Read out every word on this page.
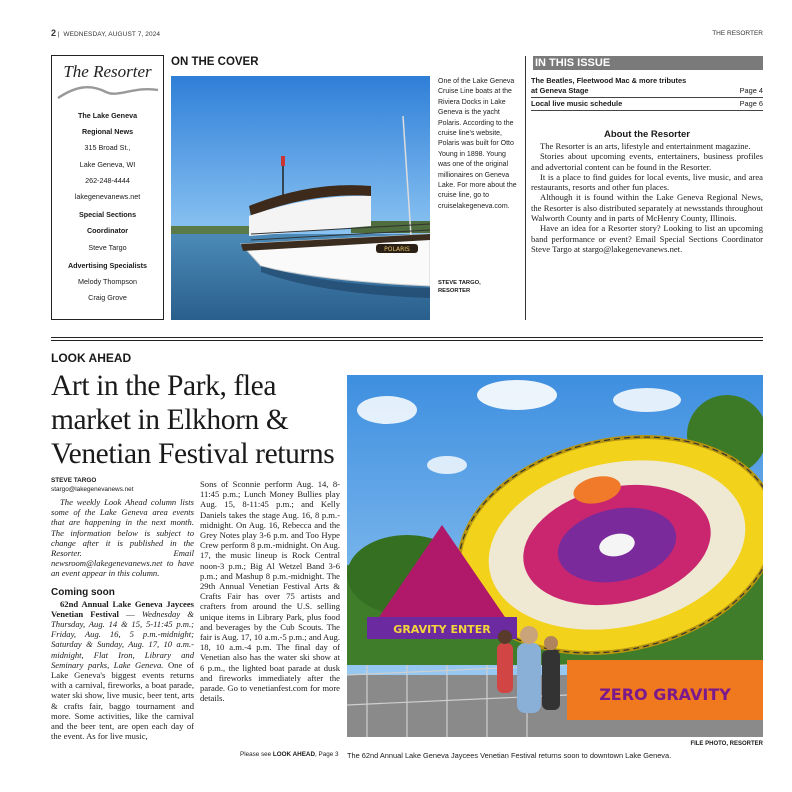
2 | WEDNESDAY, AUGUST 7, 2024	THE RESORTER
The Resorter
The Lake Geneva
Regional News
315 Broad St.,
Lake Geneva, WI
262-248-4444
lakegenevanews.net
Special Sections
Coordinator
Steve Targo
Advertising Specialists
Melody Thompson
Craig Grove
ON THE COVER
POLARIS
One of the Lake Geneva Cruise Line boats at the Riviera Docks in Lake Geneva is the yacht Polaris. According to the cruise line's website, Polaris was built for Otto Young in 1898. Young was one of the original millionaires on Geneva Lake. For more about the cruise line, go to cruiselakegeneva.com.
STEVE TARGO,
RESORTER
IN THIS ISSUE
The Beatles, Fleetwood Mac & more tributes
at Geneva Stage	Page 4
Local live music schedule	Page 6
About the Resorter

The Resorter is an arts, lifestyle and entertainment magazine.

Stories about upcoming events, entertainers, business profiles and advertorial content can be found in the Resorter.

It is a place to find guides for local events, live music, and area restaurants, resorts and other fun places.

Although it is found within the Lake Geneva Regional News, the Resorter is also distributed separately at newsstands throughout Walworth County and in parts of McHenry County, Illinois.

Have an idea for a Resorter story? Looking to list an upcoming band performance or event? Email Special Sections Coordinator Steve Targo at stargo@lakegenevanews.net.

LOOK AHEAD
Art in the Park, flea market in Elkhorn & Venetian Festival returns
STEVE TARGO
stargo@lakegenevanews.net

The weekly Look Ahead column lists some of the Lake Geneva area events that are happening in the next month. The information below is subject to change after it is published in the Resorter. Email newsroom@lakegenevanews.net to have an event appear in this column.

Coming soon

62nd Annual Lake Geneva Jaycees Venetian Festival — Wednesday & Thursday, Aug. 14 & 15, 5-11:45 p.m.; Friday, Aug. 16, 5 p.m.-midnight; Saturday & Sunday, Aug. 17, 10 a.m.-midnight, Flat Iron, Library and Seminary parks, Lake Geneva. One of Lake Geneva's biggest events returns with a carnival, fireworks, a boat parade, water ski show, live music, beer tent, arts & crafts fair, baggo tournament and more. Some activities, like the carnival and the beer tent, are open each day of the event. As for live music,

Sons of Sconnie perform Aug. 14, 8-11:45 p.m.; Lunch Money Bullies play Aug. 15, 8-11:45 p.m.; and Kelly Daniels takes the stage Aug. 16, 8 p.m.-midnight. On Aug. 16, Rebecca and the Grey Notes play 3-6 p.m. and Too Hype Crew perform 8 p.m.-midnight. On Aug. 17, the music lineup is Rock Central noon-3 p.m.; Big Al Wetzel Band 3-6 p.m.; and Mashup 8 p.m.-midnight. The 29th Annual Venetian Festival Arts & Crafts Fair has over 75 artists and crafters from around the U.S. selling unique items in Library Park, plus food and beverages by the Cub Scouts. The fair is Aug. 17, 10 a.m.-5 p.m.; and Aug. 18, 10 a.m.-4 p.m. The final day of Venetian also has the water ski show at 6 p.m., the lighted boat parade at dusk and fireworks immediately after the parade. Go to venetianfest.com for more details.
GRAVITY ENTER
ZERO GRAVITY
FILE PHOTO, RESORTER
Please see LOOK AHEAD, Page 3 The 62nd Annual Lake Geneva Jaycees Venetian Festival returns soon to downtown Lake Geneva.
